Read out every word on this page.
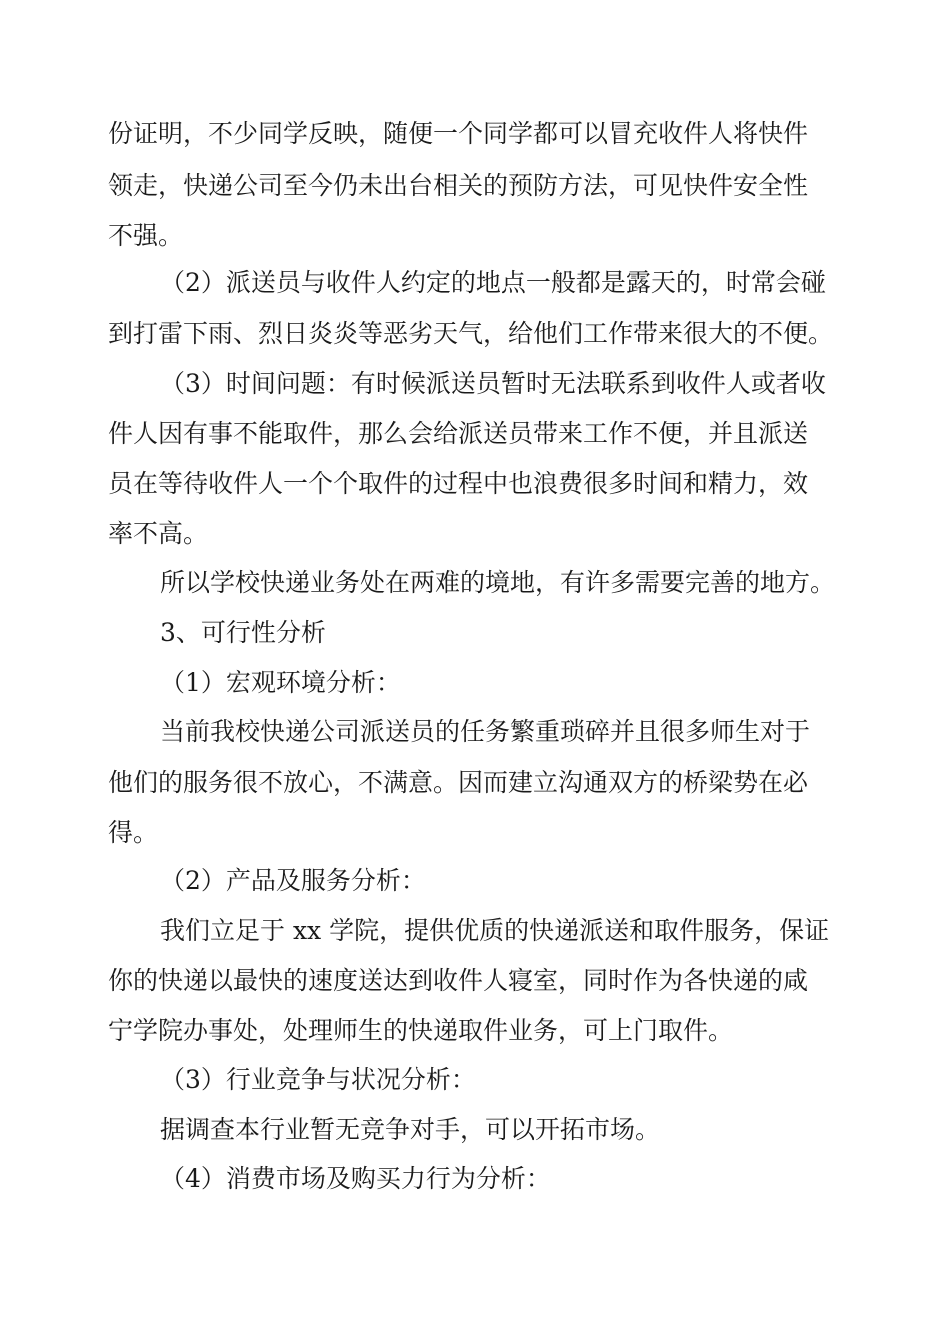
份证明，不少同学反映，随便一个同学都可以冒充收件人将快件
领走，快递公司至今仍未出台相关的预防方法，可见快件安全性
不强。
（2）派送员与收件人约定的地点一般都是露天的，时常会碰
到打雷下雨、烈日炎炎等恶劣天气，给他们工作带来很大的不便。
（3）时间问题：有时候派送员暂时无法联系到收件人或者收
件人因有事不能取件，那么会给派送员带来工作不便，并且派送
员在等待收件人一个个取件的过程中也浪费很多时间和精力，效
率不高。
所以学校快递业务处在两难的境地，有许多需要完善的地方。
3、可行性分析
（1）宏观环境分析：
当前我校快递公司派送员的任务繁重琐碎并且很多师生对于
他们的服务很不放心，不满意。因而建立沟通双方的桥梁势在必
得。
（2）产品及服务分析：
我们立足于 xx 学院，提供优质的快递派送和取件服务，保证
你的快递以最快的速度送达到收件人寝室，同时作为各快递的咸
宁学院办事处，处理师生的快递取件业务，可上门取件。
（3）行业竞争与状况分析：
据调查本行业暂无竞争对手，可以开拓市场。
（4）消费市场及购买力行为分析：
